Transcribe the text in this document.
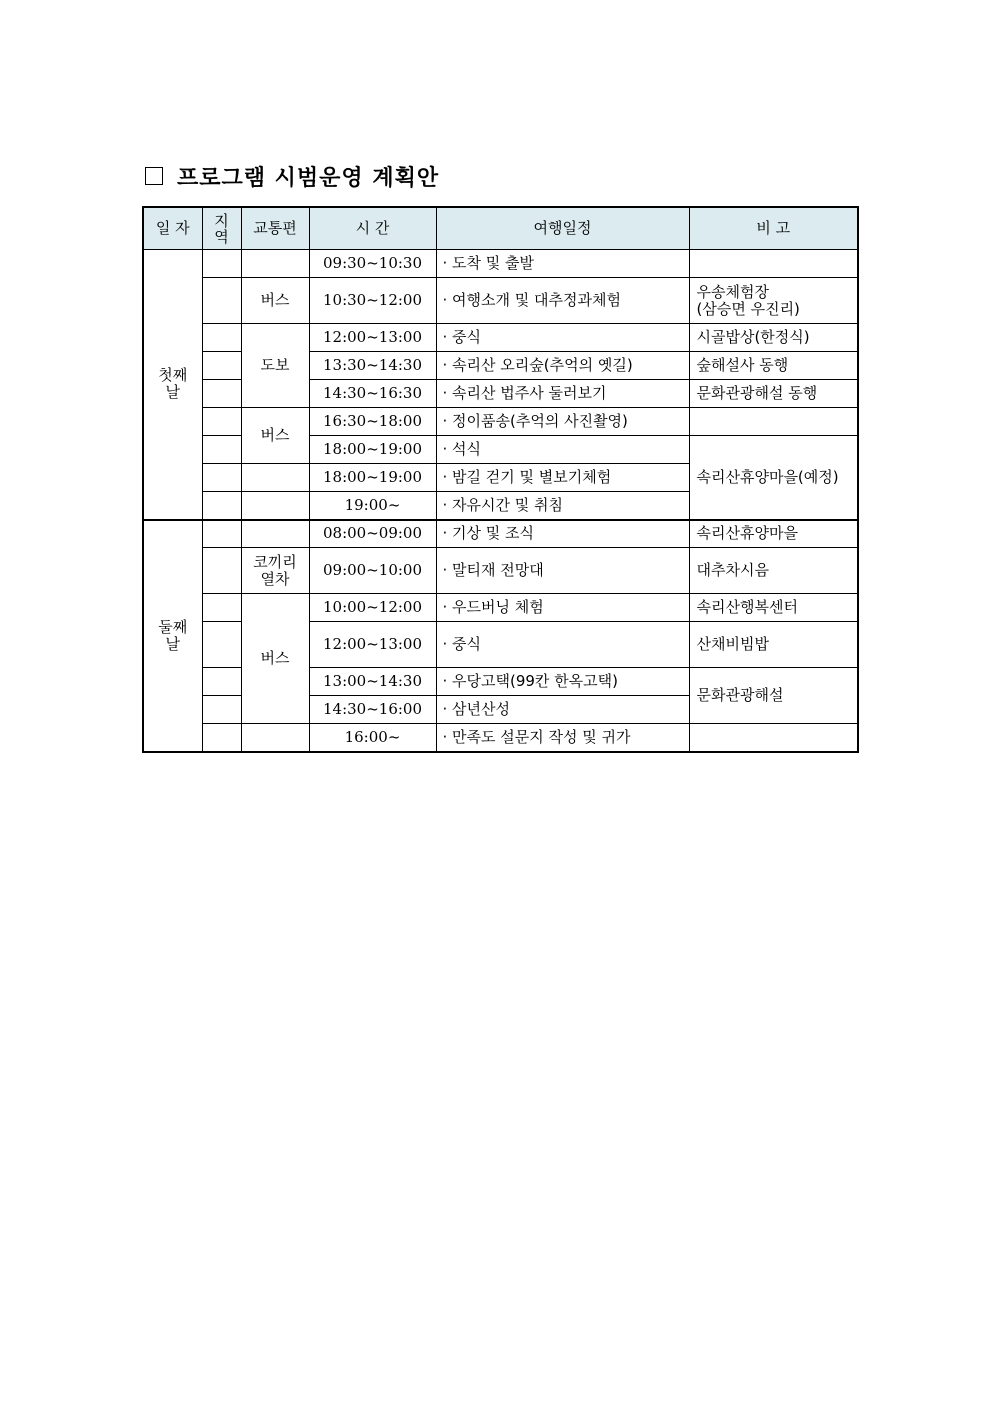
프로그램 시범운영 계획안
일 자	지역	교통편	시 간	여행일정	비 고
첫째날			09:30~10:30	· 도착 및 출발	
		버스	10:30~12:00	· 여행소개 및 대추정과체험	우송체험장
(삼승면 우진리)
		도보	12:00~13:00	· 중식	시골밥상(한정식)
			13:30~14:30	· 속리산 오리숲(추억의 옛길)	숲해설사 동행
			14:30~16:30	· 속리산 법주사 둘러보기	문화관광해설 동행
		버스	16:30~18:00	· 정이품송(추억의 사진촬영)	
			18:00~19:00	· 석식	속리산휴양마을(예정)
			18:00~19:00	· 밤길 걷기 및 별보기체험	
			19:00~	· 자유시간 및 취침	
둘째날			08:00~09:00	· 기상 및 조식	속리산휴양마을
		코끼리열차	09:00~10:00	· 말티재 전망대	대추차시음
		버스	10:00~12:00	· 우드버닝 체험	속리산행복센터
			12:00~13:00	· 중식	산채비빔밥
			13:00~14:30	· 우당고택(99칸 한옥고택)	문화관광해설
			14:30~16:00	· 삼년산성	
			16:00~	· 만족도 설문지 작성 및 귀가	
